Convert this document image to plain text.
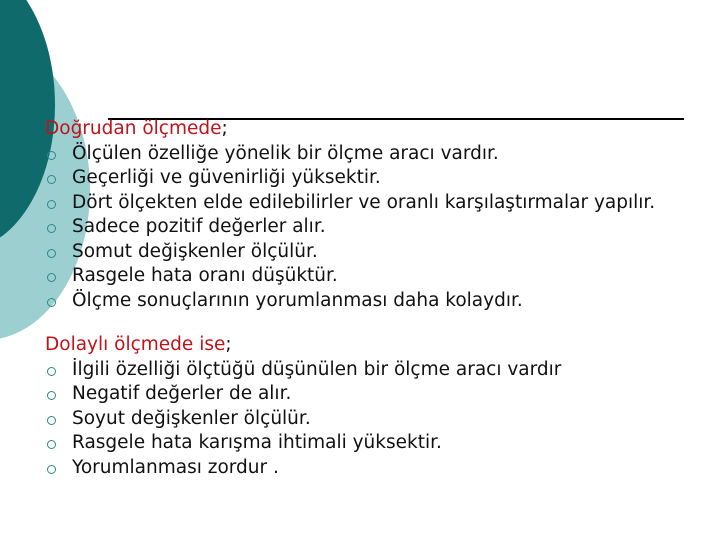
Doğrudan ölçmede;
Ölçülen özelliğe yönelik bir ölçme aracı vardır.
Geçerliği ve güvenirliği yüksektir.
Dört ölçekten elde edilebilirler ve oranlı karşılaştırmalar yapılır.
Sadece pozitif değerler alır.
Somut değişkenler ölçülür.
Rasgele hata oranı düşüktür.
Ölçme sonuçlarının yorumlanması daha kolaydır.
Dolaylı ölçmede ise;
İlgili özelliği ölçtüğü düşünülen bir ölçme aracı vardır
Negatif değerler de alır.
Soyut değişkenler ölçülür.
Rasgele hata karışma ihtimali yüksektir.
Yorumlanması zordur .
